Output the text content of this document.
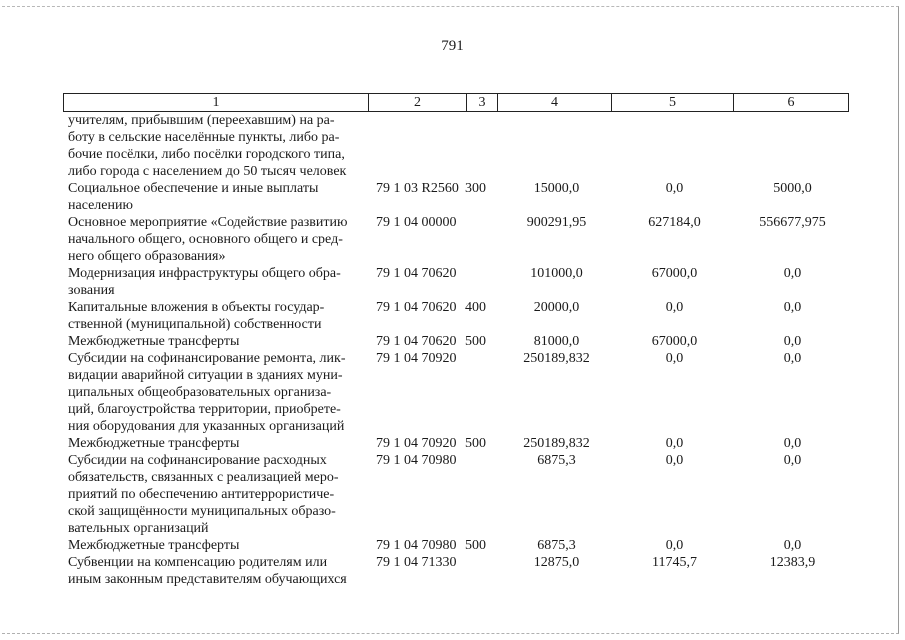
791
1	2	3	4	5	6
учителям, прибывшим (переехавшим) на ра-
боту в сельские населённые пункты, либо ра-
бочие посёлки, либо посёлки городского типа,
либо города с населением до 50 тысяч человек
Социальное обеспечение и иные выплаты
населению
79 1 03 R2560 300	15000,0	0,0	5000,0
Основное мероприятие «Содействие развитию
начального общего, основного общего и сред-
него общего образования»
79 1 04 00000	900291,95	627184,0	556677,975
Модернизация инфраструктуры общего обра-
зования
79 1 04 70620	101000,0	67000,0	0,0
Капитальные вложения в объекты государ-
ственной (муниципальной) собственности
79 1 04 70620 400	20000,0	0,0	0,0
Межбюджетные трансферты	79 1 04 70620 500	81000,0	67000,0	0,0
Субсидии на софинансирование ремонта, лик-
видации аварийной ситуации в зданиях муни-
ципальных общеобразовательных организа-
ций, благоустройства территории, приобрете-
ния оборудования для указанных организаций
79 1 04 70920	250189,832	0,0	0,0
Межбюджетные трансферты	79 1 04 70920 500	250189,832	0,0	0,0
Субсидии на софинансирование расходных
обязательств, связанных с реализацией меро-
приятий по обеспечению антитеррористиче-
ской защищённости муниципальных образо-
вательных организаций
79 1 04 70980	6875,3	0,0	0,0
Межбюджетные трансферты	79 1 04 70980 500	6875,3	0,0	0,0
Субвенции на компенсацию родителям или
иным законным представителям обучающихся
79 1 04 71330	12875,0	11745,7	12383,9
